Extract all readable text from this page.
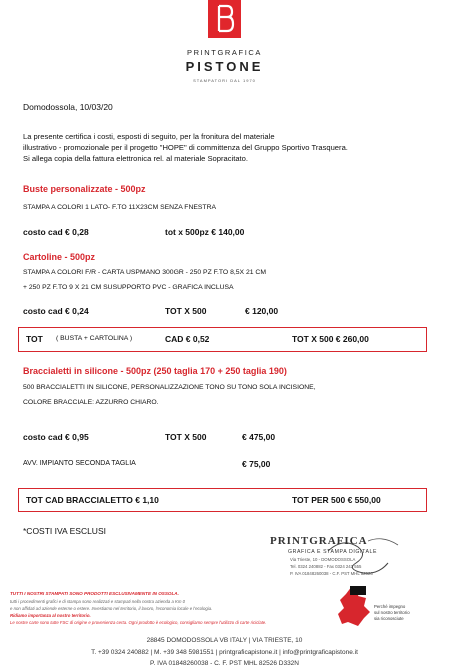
PRINTGRAFICA
PISTONE
STAMPATORI DAL 1970
Domodossola, 10/03/20
La presente certifica i costi, esposti di seguito, per la fronitura del materiale
illustrativo - promozionale per il progetto "HOPE" di committenza del Gruppo Sportivo Trasquera.
Si allega copia della fattura elettronica rel. al materiale Sopracitato.
Buste personalizzate - 500pz
STAMPA A COLORI 1 LATO- F.TO 11X23CM SENZA FNESTRA
costo cad € 0,28	tot x 500pz € 140,00
Cartoline - 500pz
STAMPA A COLORI F/R - CARTA USPMANO 300GR - 250 PZ F.TO 8,5X 21 CM
+ 250 PZ F.TO 9 X 21 CM SUSUPPORTO PVC - GRAFICA INCLUSA
costo cad € 0,24	TOT X 500	€ 120,00
TOT ( BUSTA + CARTOLINA )	CAD € 0,52	TOT X 500 € 260,00
Braccialetti in silicone - 500pz (250 taglia 170 + 250 taglia 190)
500 BRACCIALETTI IN SILICONE, PERSONALIZZAZIONE TONO SU TONO SOLA INCISIONE,
COLORE BRACCIALE: AZZURRO CHIARO.
costo cad € 0,95	TOT X 500	€ 475,00
AVV. IMPIANTO SECONDA TAGLIA	€ 75,00
TOT CAD BRACCIALETTO € 1,10	TOT PER 500 € 550,00
*COSTI IVA ESCLUSI
PRINTGRAFICA
GRAFICA E STAMPA DIGITALE
Via Trieste, 10 - DOMODOSSOLA
Tel. 0324 240882 - Fax 0324 243 555
P. IVA 01848260038 - C.F. PST MHL 82526
TUTTI I NOSTRI STAMPATI SONO PRODOTTI ESCLUSIVAMENTE IN OSSOLA.
tutti i procedimenti grafici e di stampa sono realizzati e stampati nella nostra azienda a Km 0
e non affidati ad aziende esterne o estere. Investiamo nel territorio, il lavoro, l'economia locale e l'ecologia.
Ridiamo importanza al nostro territorio.
Le nostre carte sono tutte FSC di origine e provenienza certa. Ogni prodotto è ecologico, consigliamo sempre l'utilizzo di carte riciclate.
MIO
Perché impegno
sul nostro territorio
sia riconosciute
28845 DOMODOSSOLA VB ITALY | VIA TRIESTE, 10
T. +39 0324 240882 | M. +39 348 5981551 | printgraficapistone.it | info@printgraficapistone.it
P. IVA 01848260038 - C. F. PST MHL 82526 D332N
